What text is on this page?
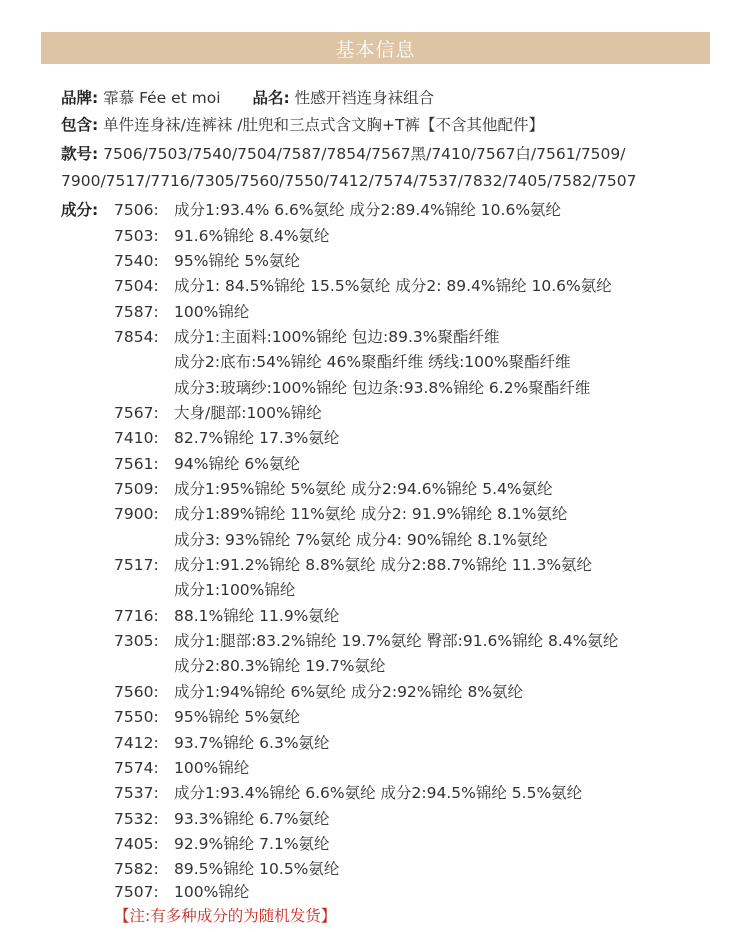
基本信息
品牌: 霏慕 Fée et moi 品名: 性感开裆连身袜组合
包含: 单件连身袜/连裤袜 /肚兜和三点式含文胸+T裤【不含其他配件】
款号: 7506/7503/7540/7504/7587/7854/7567黑/7410/7567白/7561/7509/
7900/7517/7716/7305/7560/7550/7412/7574/7537/7832/7405/7582/7507
成分: 7506: 成分1:93.4% 6.6%氨纶 成分2:89.4%锦纶 10.6%氨纶
7503: 91.6%锦纶 8.4%氨纶
7540: 95%锦纶 5%氨纶
7504: 成分1: 84.5%锦纶 15.5%氨纶 成分2: 89.4%锦纶 10.6%氨纶
7587: 100%锦纶
7854: 成分1:主面料:100%锦纶 包边:89.3%聚酯纤维
成分2:底布:54%锦纶 46%聚酯纤维 绣线:100%聚酯纤维
成分3:玻璃纱:100%锦纶 包边条:93.8%锦纶 6.2%聚酯纤维
7567: 大身/腿部:100%锦纶
7410: 82.7%锦纶 17.3%氨纶
7561: 94%锦纶 6%氨纶
7509: 成分1:95%锦纶 5%氨纶 成分2:94.6%锦纶 5.4%氨纶
7900: 成分1:89%锦纶 11%氨纶 成分2: 91.9%锦纶 8.1%氨纶
成分3: 93%锦纶 7%氨纶 成分4: 90%锦纶 8.1%氨纶
7517: 成分1:91.2%锦纶 8.8%氨纶 成分2:88.7%锦纶 11.3%氨纶
成分1:100%锦纶
7716: 88.1%锦纶 11.9%氨纶
7305: 成分1:腿部:83.2%锦纶 19.7%氨纶 臀部:91.6%锦纶 8.4%氨纶
成分2:80.3%锦纶 19.7%氨纶
7560: 成分1:94%锦纶 6%氨纶 成分2:92%锦纶 8%氨纶
7550: 95%锦纶 5%氨纶
7412: 93.7%锦纶 6.3%氨纶
7574: 100%锦纶
7537: 成分1:93.4%锦纶 6.6%氨纶 成分2:94.5%锦纶 5.5%氨纶
7532: 93.3%锦纶 6.7%氨纶
7405: 92.9%锦纶 7.1%氨纶
7582: 89.5%锦纶 10.5%氨纶
7507: 100%锦纶
【注:有多种成分的为随机发货】
